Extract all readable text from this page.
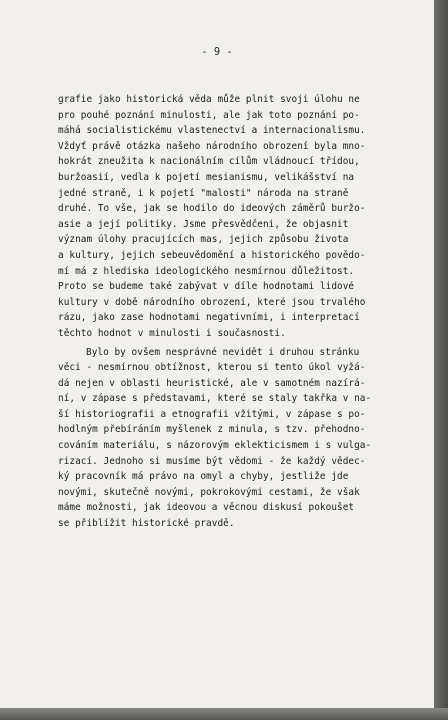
- 9 -
grafie jako historická věda může plnit svoji úlohu ne
pro pouhé poznání minulosti, ale jak toto poznání po-
máhá socialistickému vlastenectví a internacionalismu.
Vždyť právě otázka našeho národního obrození byla mno-
hokrát zneužita k nacionálním cílům vládnoucí třídou,
buržoasií, vedla k pojetí mesianismu, velikášství na
jedné straně, i k pojetí "malosti" národa na straně
druhé. To vše, jak se hodilo do ideových záměrů buržo-
asie a její politiky. Jsme přesvědčeni, že objasnit
význam úlohy pracujících mas, jejich způsobu života
a kultury, jejich sebeuvědomění a historického povědo-
mí má z hlediska ideologického nesmírnou důležitost.
Proto se budeme také zabývat v díle hodnotami lidové
kultury v době národního obrození, které jsou trvalého
rázu, jako zase hodnotami negativními, i interpretací
těchto hodnot v minulosti i současnosti.
Bylo by ovšem nesprávné nevidět i druhou stránku
věci - nesmírnou obtížnost, kterou si tento úkol vyžá-
dá nejen v oblasti heuristické, ale v samotném nazírá-
ní, v zápase s představami, které se staly takřka v na-
ší historiografii a etnografii vžitými, v zápase s po-
hodlným přebíráním myšlenek z minula, s tzv. přehodno-
cováním materiálu, s názorovým eklekticismem i s vulga-
rizací. Jednoho si musíme být vědomi - že každý vědec-
ký pracovník má právo na omyl a chyby, jestliže jde
novými, skutečně novými, pokrokovými cestami, že však
máme možnosti, jak ideovou a věcnou diskusí pokoušet
se přiblížit historické pravdě.
